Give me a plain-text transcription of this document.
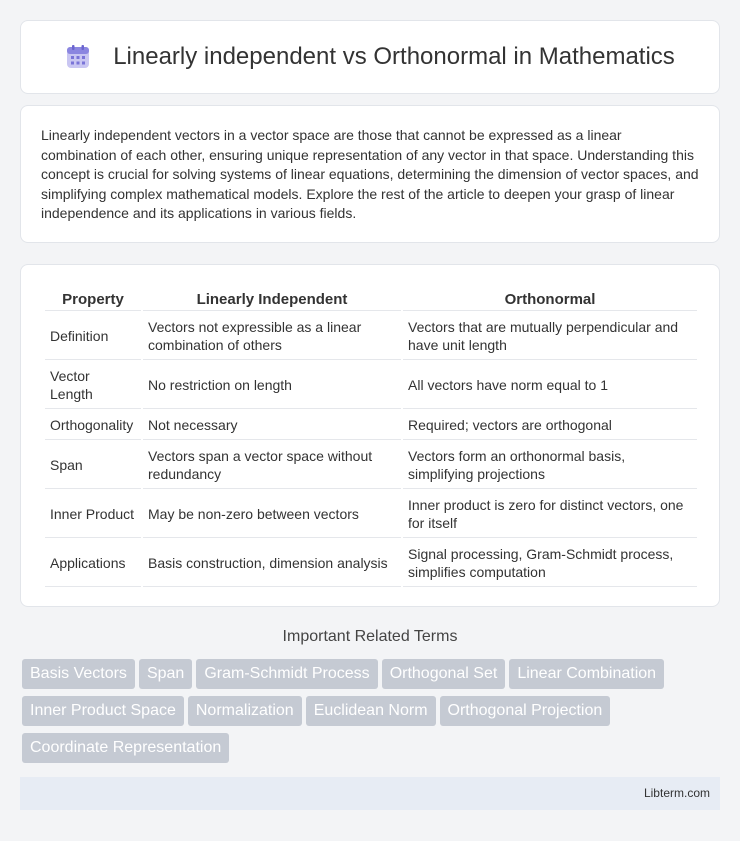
Linearly independent vs Orthonormal in Mathematics

Linearly independent vectors in a vector space are those that cannot be expressed as a linear combination of each other, ensuring unique representation of any vector in that space. Understanding this concept is crucial for solving systems of linear equations, determining the dimension of vector spaces, and simplifying complex mathematical models. Explore the rest of the article to deepen your grasp of linear independence and its applications in various fields.

Property	Linearly Independent	Orthonormal
Definition	Vectors not expressible as a linear combination of others	Vectors that are mutually perpendicular and have unit length
Vector Length	No restriction on length	All vectors have norm equal to 1
Orthogonality	Not necessary	Required; vectors are orthogonal
Span	Vectors span a vector space without redundancy	Vectors form an orthonormal basis, simplifying projections
Inner Product	May be non-zero between vectors	Inner product is zero for distinct vectors, one for itself
Applications	Basis construction, dimension analysis	Signal processing, Gram-Schmidt process, simplifies computation
Important Related Terms
Basis Vectors Span Gram-Schmidt Process Orthogonal Set Linear CombinationInner Product Space Normalization Euclidean Norm Orthogonal ProjectionCoordinate Representation
Libterm.com
